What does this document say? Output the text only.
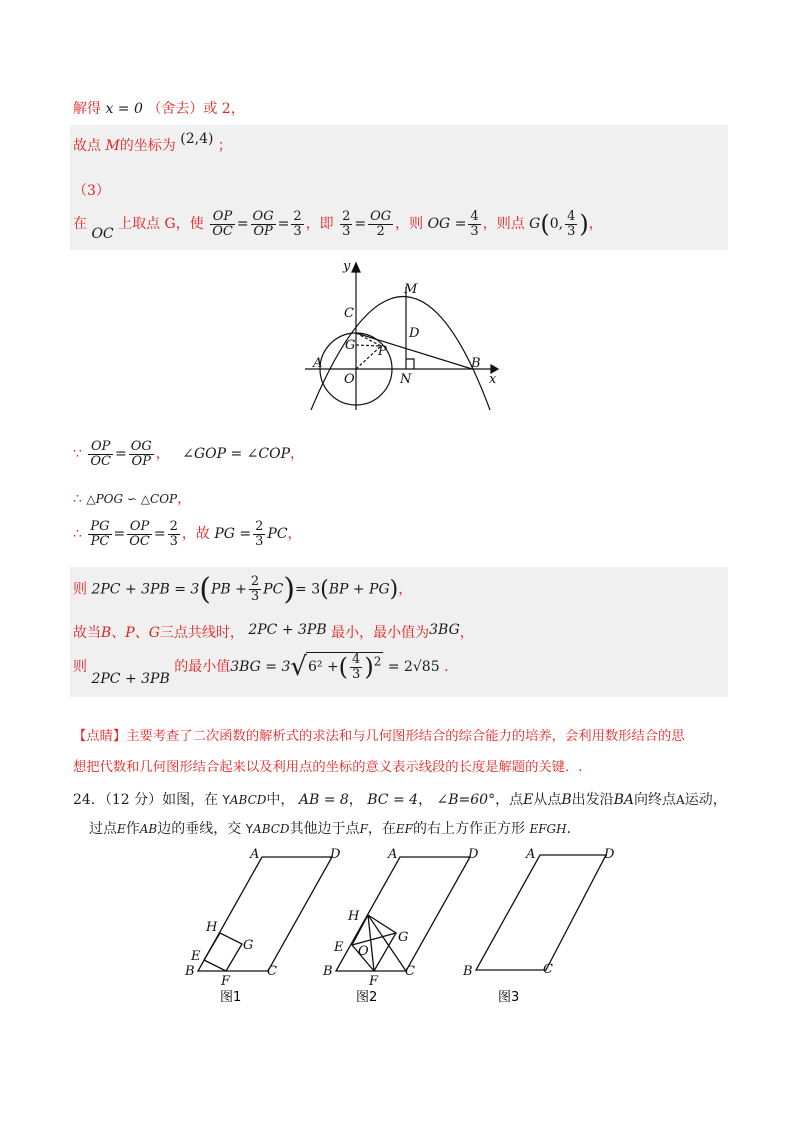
解得 x = 0 （舍去）或 2，
故点 M的坐标为 (2,4) ；
（3）
在 OC 上取点 G，使 $\frac{OP}{OC} = \frac{OG}{OP} = \frac{2}{3}$ ，即 $\frac{2}{3} = \frac{OG}{2}$ ，则 OG = $\frac{4}{3}$ ，则点 G(0, $\frac{4}{3}$ )，
y
x
C
M
D
G P
A
O	N
B
∵ $\frac{OP}{OC} = \frac{OG}{OP}$ ， ∠GOP = ∠COP，
∴ △POG ∽ △COP，
∴ $\frac{PG}{PC} = \frac{OP}{OC} = \frac{2}{3}$ ，故 PG = $\frac{2}{3}$ PC，
则 $2PC + 3PB = 3(PB + \frac{2}{3} PC)= 3(BP + PG)$，
故当B、P、G三点共线时， 2PC + 3PB 最小，最小值为3BG，
则 2PC + 3PB 的最小值3BG = 3√6² +( $\frac{4}{3} )^2 = 2√85$ .
【点睛】主要考查了二次函数的解析式的求法和与几何图形结合的综合能力的培养，会利用数形结合的思
想把代数和几何图形结合起来以及利用点的坐标的意义表示线段的长度是解题的关键．.
24．（12 分）如图，在 YABCD中， AB = 8， BC = 4， ∠B=60°，点E从点B出发沿BA向终点A运动，
过点E作AB边的垂线，交 YABCD其他边于点F，在EF的右上方作正方形 EFGH．
A	D
H
G
E
B
F
C
图1
A	D
H
G
E O
B
F
C
图2
A	D
B	C
图3
